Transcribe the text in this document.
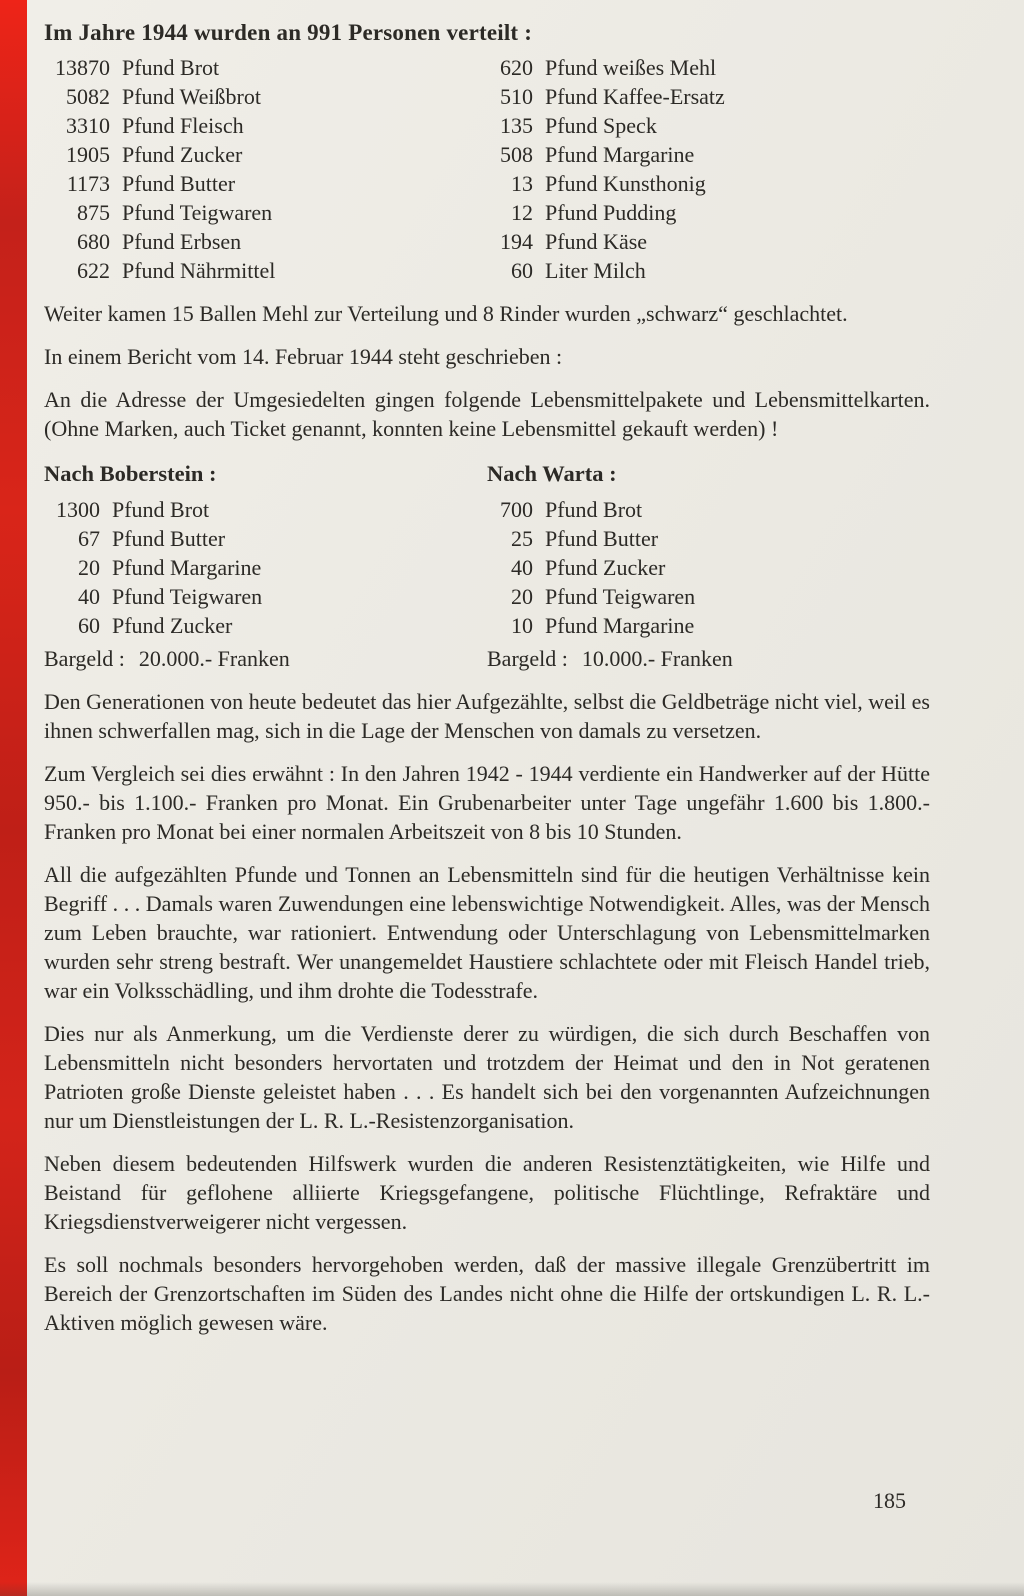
Im Jahre 1944 wurden an 991 Personen verteilt :
13870 Pfund Brot
5082 Pfund Weißbrot
3310 Pfund Fleisch
1905 Pfund Zucker
1173 Pfund Butter
875 Pfund Teigwaren
680 Pfund Erbsen
622 Pfund Nährmittel
620 Pfund weißes Mehl
510 Pfund Kaffee-Ersatz
135 Pfund Speck
508 Pfund Margarine
13 Pfund Kunsthonig
12 Pfund Pudding
194 Pfund Käse
60 Liter Milch

Weiter kamen 15 Ballen Mehl zur Verteilung und 8 Rinder wurden „schwarz“ geschlachtet.

In einem Bericht vom 14. Februar 1944 steht geschrieben :

An die Adresse der Umgesiedelten gingen folgende Lebensmittelpakete und Lebensmittelkarten. (Ohne Marken, auch Ticket genannt, konnten keine Lebensmittel gekauft werden) !

Nach Boberstein :	Nach Warta :
1300 Pfund Brot
67 Pfund Butter
20 Pfund Margarine
40 Pfund Teigwaren
60 Pfund Zucker
Bargeld : 20.000.- Franken
700 Pfund Brot
25 Pfund Butter
40 Pfund Zucker
20 Pfund Teigwaren
10 Pfund Margarine
Bargeld : 10.000.- Franken

Den Generationen von heute bedeutet das hier Aufgezählte, selbst die Geldbeträge nicht viel, weil es ihnen schwerfallen mag, sich in die Lage der Menschen von damals zu versetzen.

Zum Vergleich sei dies erwähnt : In den Jahren 1942 - 1944 verdiente ein Handwerker auf der Hütte 950.- bis 1.100.- Franken pro Monat. Ein Grubenarbeiter unter Tage ungefähr 1.600 bis 1.800.- Franken pro Monat bei einer normalen Arbeitszeit von 8 bis 10 Stunden.

All die aufgezählten Pfunde und Tonnen an Lebensmitteln sind für die heutigen Verhältnisse kein Begriff . . . Damals waren Zuwendungen eine lebenswichtige Notwendigkeit. Alles, was der Mensch zum Leben brauchte, war rationiert. Entwendung oder Unterschlagung von Lebensmittelmarken wurden sehr streng bestraft. Wer unangemeldet Haustiere schlachtete oder mit Fleisch Handel trieb, war ein Volksschädling, und ihm drohte die Todesstrafe.

Dies nur als Anmerkung, um die Verdienste derer zu würdigen, die sich durch Beschaffen von Lebensmitteln nicht besonders hervortaten und trotzdem der Heimat und den in Not geratenen Patrioten große Dienste geleistet haben . . . Es handelt sich bei den vorgenannten Aufzeichnungen nur um Dienstleistungen der L. R. L.-Resistenzorganisation.

Neben diesem bedeutenden Hilfswerk wurden die anderen Resistenztätigkeiten, wie Hilfe und Beistand für geflohene alliierte Kriegsgefangene, politische Flüchtlinge, Refraktäre und Kriegsdienstverweigerer nicht vergessen.

Es soll nochmals besonders hervorgehoben werden, daß der massive illegale Grenzübertritt im Bereich der Grenzortschaften im Süden des Landes nicht ohne die Hilfe der ortskundigen L. R. L.-Aktiven möglich gewesen wäre.

185
